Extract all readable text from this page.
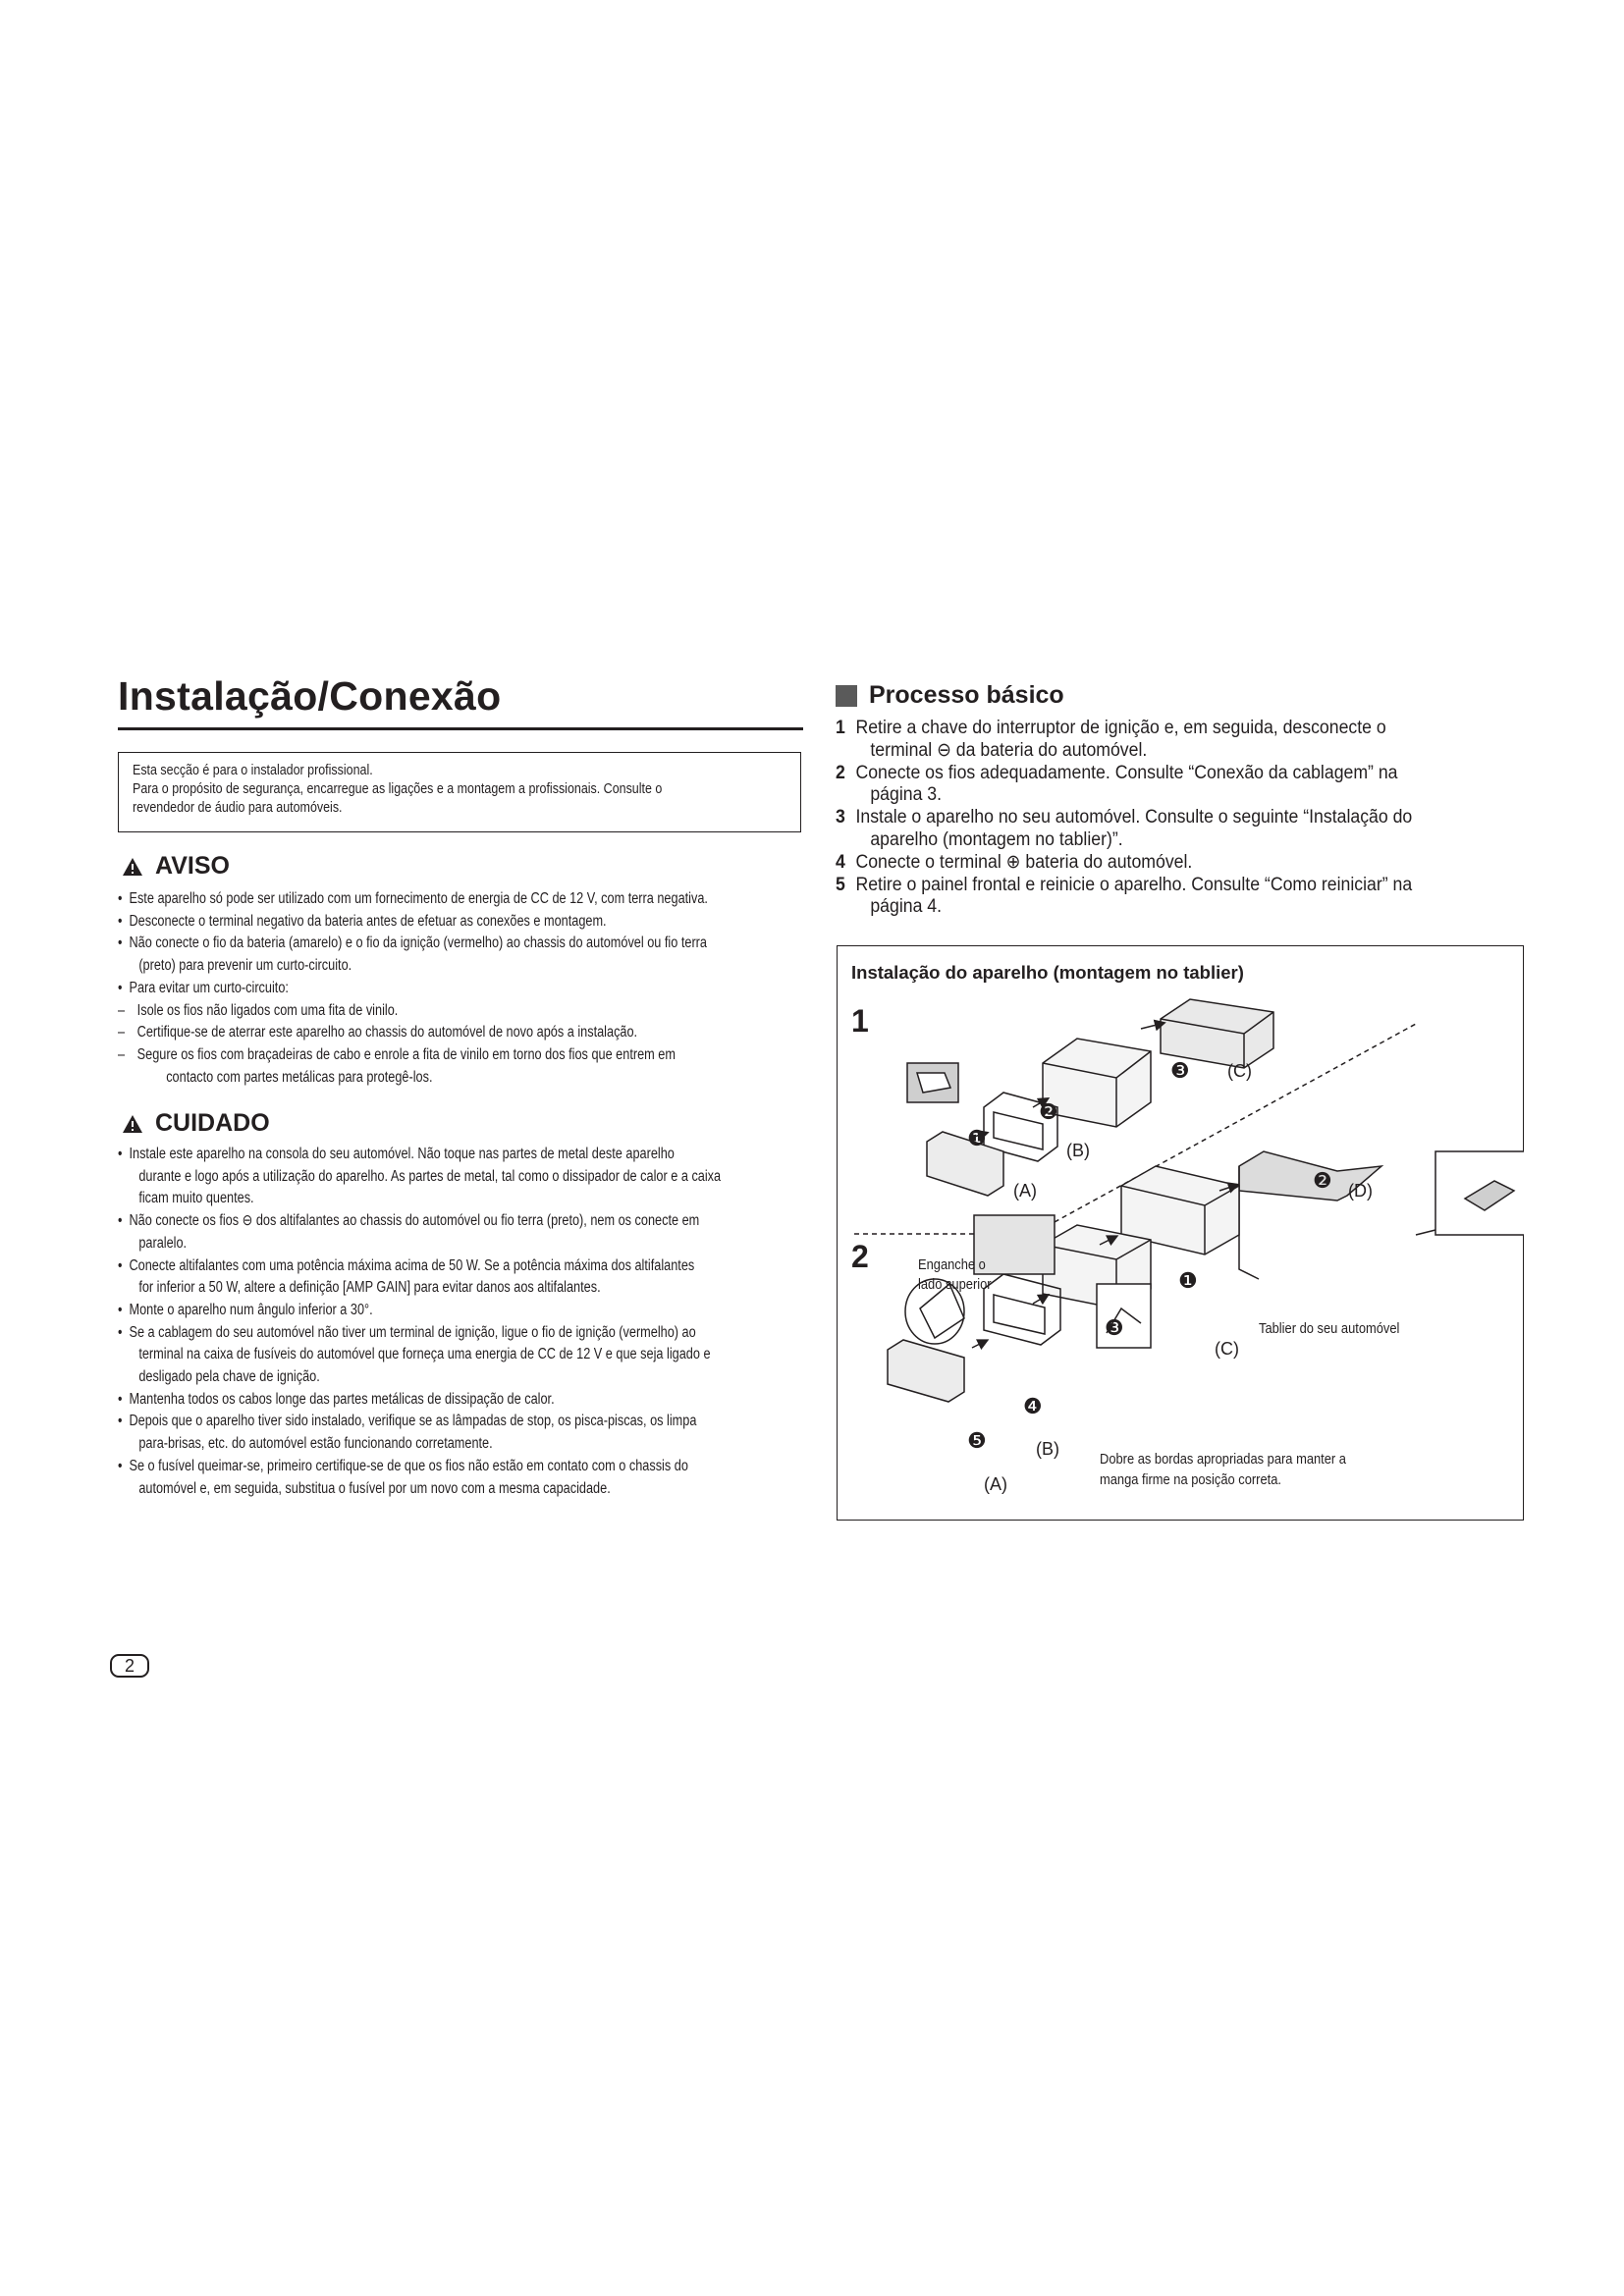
Instalação/Conexão
Esta secção é para o instalador profissional.
Para o propósito de segurança, encarregue as ligações e a montagem a profissionais. Consulte o
revendedor de áudio para automóveis.
AVISO
• Este aparelho só pode ser utilizado com um fornecimento de energia de CC de 12 V, com terra negativa.
• Desconecte o terminal negativo da bateria antes de efetuar as conexões e montagem.
• Não conecte o fio da bateria (amarelo) e o fio da ignição (vermelho) ao chassis do automóvel ou fio terra
(preto) para prevenir um curto-circuito.
• Para evitar um curto-circuito:
– Isole os fios não ligados com uma fita de vinilo.
– Certifique-se de aterrar este aparelho ao chassis do automóvel de novo após a instalação.
– Segure os fios com braçadeiras de cabo e enrole a fita de vinilo em torno dos fios que entrem em
contacto com partes metálicas para protegê-los.
CUIDADO
• Instale este aparelho na consola do seu automóvel. Não toque nas partes de metal deste aparelho
durante e logo após a utilização do aparelho. As partes de metal, tal como o dissipador de calor e a caixa
ficam muito quentes.
• Não conecte os fios ⊖ dos altifalantes ao chassis do automóvel ou fio terra (preto), nem os conecte em
paralelo.
• Conecte altifalantes com uma potência máxima acima de 50 W. Se a potência máxima dos altifalantes
for inferior a 50 W, altere a definição [AMP GAIN] para evitar danos aos altifalantes.
• Monte o aparelho num ângulo inferior a 30°.
• Se a cablagem do seu automóvel não tiver um terminal de ignição, ligue o fio de ignição (vermelho) ao
terminal na caixa de fusíveis do automóvel que forneça uma energia de CC de 12 V e que seja ligado e
desligado pela chave de ignição.
• Mantenha todos os cabos longe das partes metálicas de dissipação de calor.
• Depois que o aparelho tiver sido instalado, verifique se as lâmpadas de stop, os pisca-piscas, os limpa
para-brisas, etc. do automóvel estão funcionando corretamente.
• Se o fusível queimar-se, primeiro certifique-se de que os fios não estão em contato com o chassis do
automóvel e, em seguida, substitua o fusível por um novo com a mesma capacidade.
Processo básico
1 Retire a chave do interruptor de ignição e, em seguida, desconecte o
terminal ⊖ da bateria do automóvel.
2 Conecte os fios adequadamente. Consulte “Conexão da cablagem” na
página 3.
3 Instale o aparelho no seu automóvel. Consulte o seguinte “Instalação do
aparelho (montagem no tablier)”.
4 Conecte o terminal ⊕ bateria do automóvel.
5 Retire o painel frontal e reinicie o aparelho. Consulte “Como reiniciar” na
página 4.
Instalação do aparelho (montagem no tablier)
1
2
❸ (C)
❷
(B)
❶
(A)	❷ (D)
Enganche o
lado superior	❶
Tablier do seu automóvel
❸
(C)
❹
(B)
❺
(A)
Dobre as bordas apropriadas para manter a
manga firme na posição correta.
2
